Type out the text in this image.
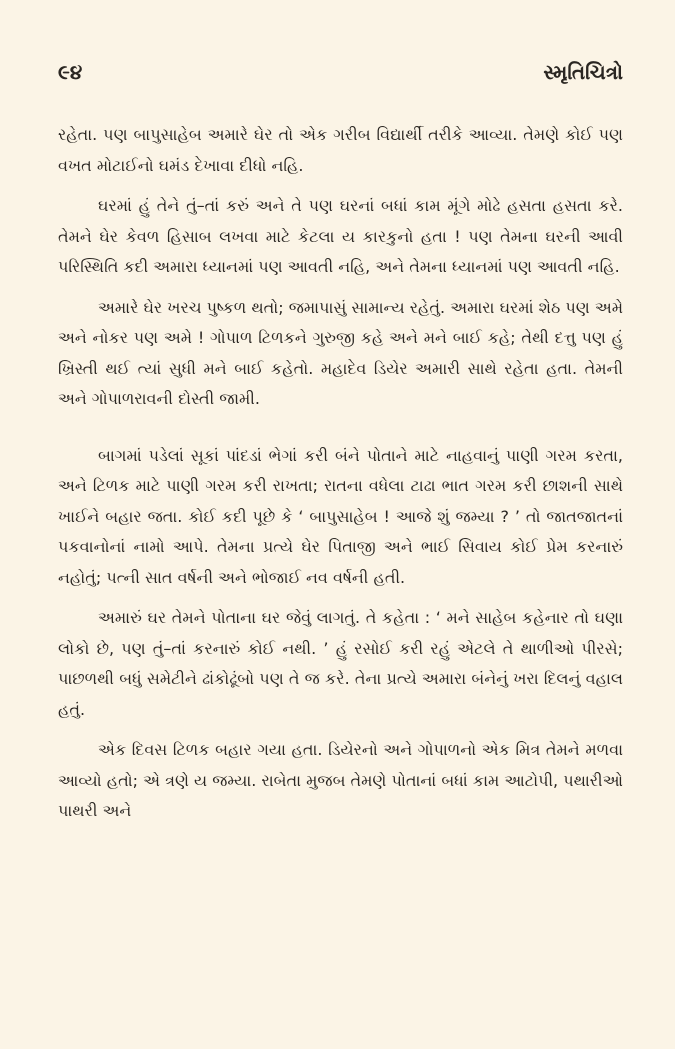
૯૪	સ્મૃતિચિત્રો

રહેતા. પણ બાપુસાહેબ અમારે ઘેર તો એક ગરીબ વિદ્યાર્થી તરીકે આવ્યા. તેમણે કોઈ પણ વખત મોટાઈનો ઘમંડ દેખાવા દીધો નહિ.

ઘરમાં હું તેને તું–તાં કરું અને તે પણ ઘરનાં બધાં કામ મૂંગે મોઢે હસતા હસતા કરે. તેમને ઘેર કેવળ હિસાબ લખવા માટે કેટલા ય કારકુનો હતા ! પણ તેમના ઘરની આવી પરિસ્થિતિ કદી અમારા ધ્યાનમાં પણ આવતી નહિ, અને તેમના ધ્યાનમાં પણ આવતી નહિ.

અમારે ઘેર ખરચ પુષ્કળ થતો; જમાપાસું સામાન્ય રહેતું. અમારા ઘરમાં શેઠ પણ અમે અને નોકર પણ અમે ! ગોપાળ ટિળકને ગુરુજી કહે અને મને બાઈ કહે; તેથી દત્તુ પણ હું ખ્રિસ્તી થઈ ત્યાં સુધી મને બાઈ કહેતો. મહાદેવ ડિયેર અમારી સાથે રહેતા હતા. તેમની અને ગોપાળરાવની દોસ્તી જામી.

બાગમાં પડેલાં સૂકાં પાંદડાં ભેગાં કરી બંને પોતાને માટે નાહવાનું પાણી ગરમ કરતા, અને ટિળક માટે પાણી ગરમ કરી રાખતા; રાતના વધેલા ટાઢા ભાત ગરમ કરી છાશની સાથે ખાઈને બહાર જતા. કોઈ કદી પૂછે કે ‘ બાપુસાહેબ ! આજે શું જમ્યા ? ’ તો જાતજાતનાં પકવાનોનાં નામો આપે. તેમના પ્રત્યે ઘેર પિતાજી અને ભાઈ સિવાય કોઈ પ્રેમ કરનારું નહોતું; પત્ની સાત વર્ષની અને ભોજાઈ નવ વર્ષની હતી.

અમારું ઘર તેમને પોતાના ઘર જેવું લાગતું. તે કહેતા : ‘ મને સાહેબ કહેનાર તો ઘણા લોકો છે, પણ તું–તાં કરનારું કોઈ નથી. ’ હું રસોઈ કરી રહું એટલે તે થાળીઓ પીરસે; પાછળથી બધું સમેટીને ઢાંકોઢૂંબો પણ તે જ કરે. તેના પ્રત્યે અમારા બંનેનું ખરા દિલનું વહાલ હતું.

એક દિવસ ટિળક બહાર ગયા હતા. ડિયેરનો અને ગોપાળનો એક મિત્ર તેમને મળવા આવ્યો હતો; એ ત્રણે ય જમ્યા. રાબેતા મુજબ તેમણે પોતાનાં બધાં કામ આટોપી, પથારીઓ પાથરી અને
